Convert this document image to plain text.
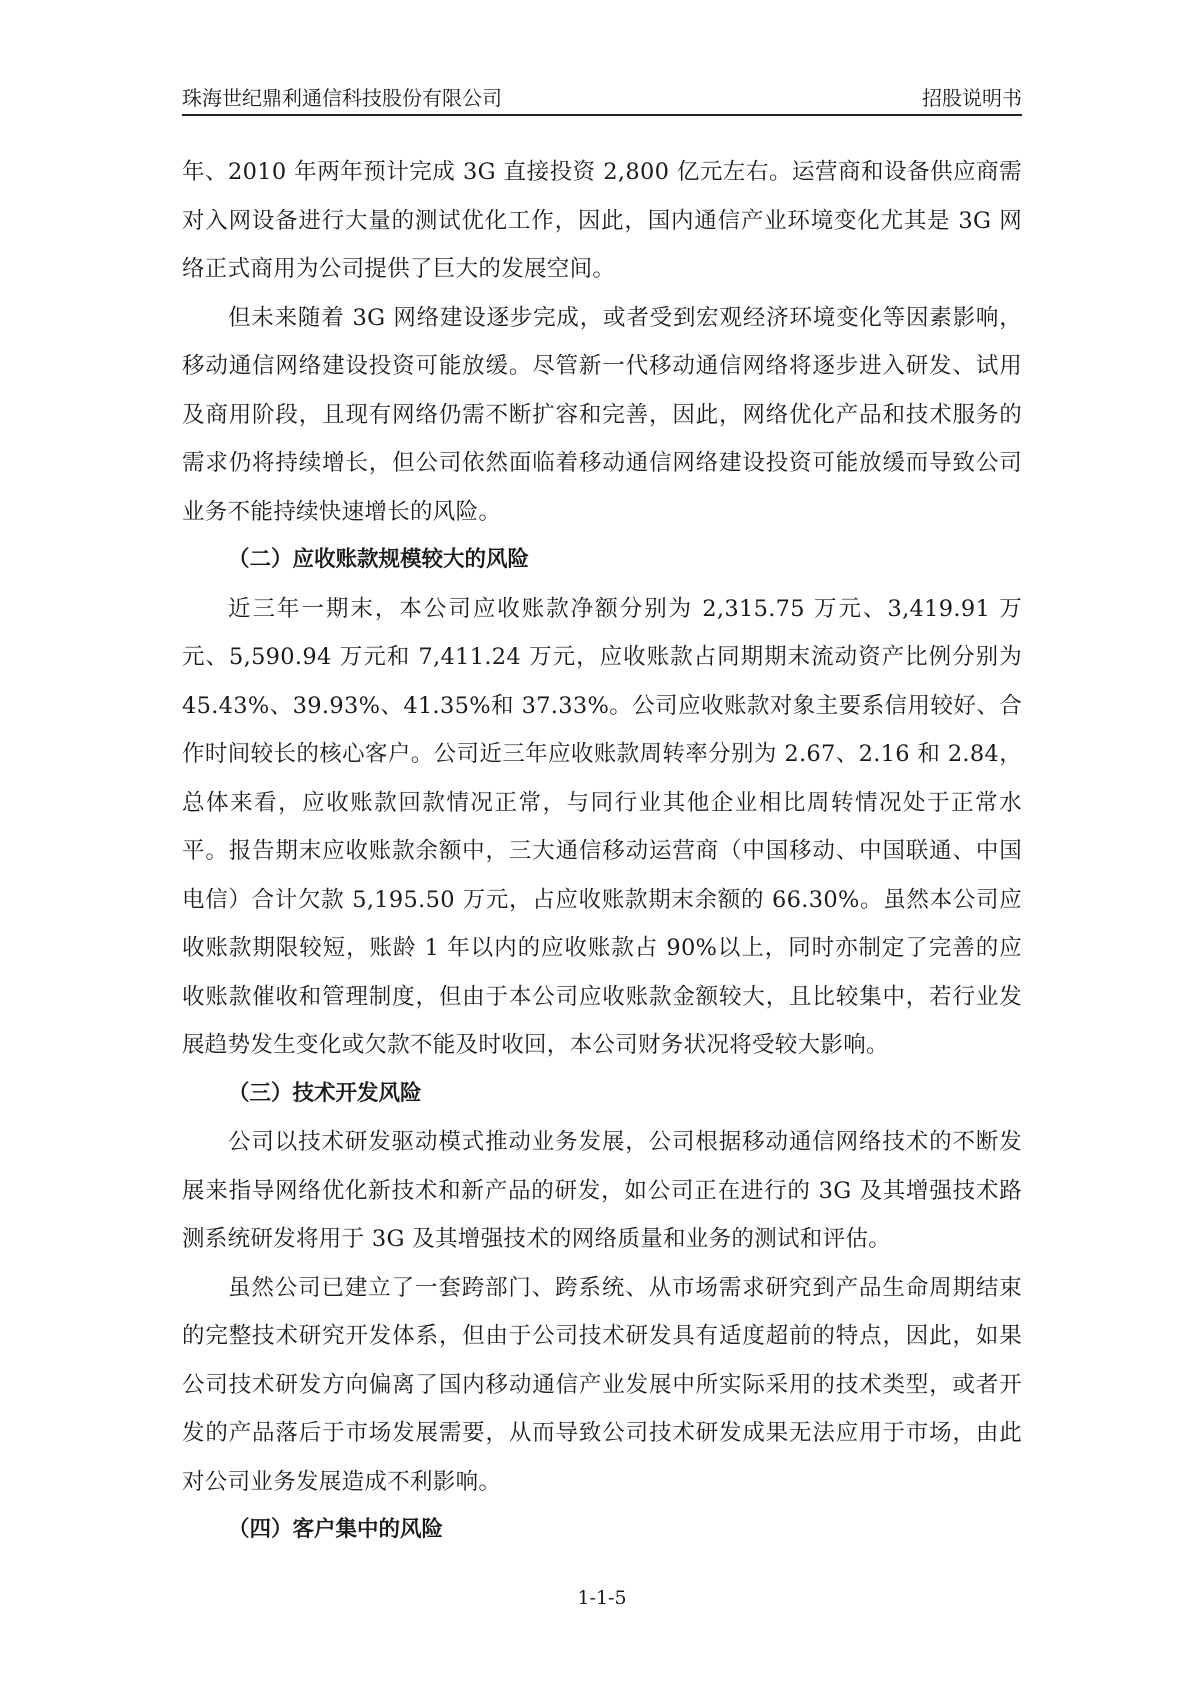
珠海世纪鼎利通信科技股份有限公司	招股说明书

年、2010 年两年预计完成 3G 直接投资 2,800 亿元左右。运营商和设备供应商需对入网设备进行大量的测试优化工作，因此，国内通信产业环境变化尤其是 3G 网络正式商用为公司提供了巨大的发展空间。

但未来随着 3G 网络建设逐步完成，或者受到宏观经济环境变化等因素影响，移动通信网络建设投资可能放缓。尽管新一代移动通信网络将逐步进入研发、试用及商用阶段，且现有网络仍需不断扩容和完善，因此，网络优化产品和技术服务的需求仍将持续增长，但公司依然面临着移动通信网络建设投资可能放缓而导致公司业务不能持续快速增长的风险。

（二）应收账款规模较大的风险

近三年一期末，本公司应收账款净额分别为 2,315.75 万元、3,419.91 万元、5,590.94 万元和 7,411.24 万元，应收账款占同期期末流动资产比例分别为 45.43%、39.93%、41.35%和 37.33%。公司应收账款对象主要系信用较好、合作时间较长的核心客户。公司近三年应收账款周转率分别为 2.67、2.16 和 2.84，总体来看，应收账款回款情况正常，与同行业其他企业相比周转情况处于正常水平。报告期末应收账款余额中，三大通信移动运营商（中国移动、中国联通、中国电信）合计欠款 5,195.50 万元，占应收账款期末余额的 66.30%。虽然本公司应收账款期限较短，账龄 1 年以内的应收账款占 90%以上，同时亦制定了完善的应收账款催收和管理制度，但由于本公司应收账款金额较大，且比较集中，若行业发展趋势发生变化或欠款不能及时收回，本公司财务状况将受较大影响。

（三）技术开发风险

公司以技术研发驱动模式推动业务发展，公司根据移动通信网络技术的不断发展来指导网络优化新技术和新产品的研发，如公司正在进行的 3G 及其增强技术路测系统研发将用于 3G 及其增强技术的网络质量和业务的测试和评估。

虽然公司已建立了一套跨部门、跨系统、从市场需求研究到产品生命周期结束的完整技术研究开发体系，但由于公司技术研发具有适度超前的特点，因此，如果公司技术研发方向偏离了国内移动通信产业发展中所实际采用的技术类型，或者开发的产品落后于市场发展需要，从而导致公司技术研发成果无法应用于市场，由此对公司业务发展造成不利影响。

（四）客户集中的风险

1-1-5
